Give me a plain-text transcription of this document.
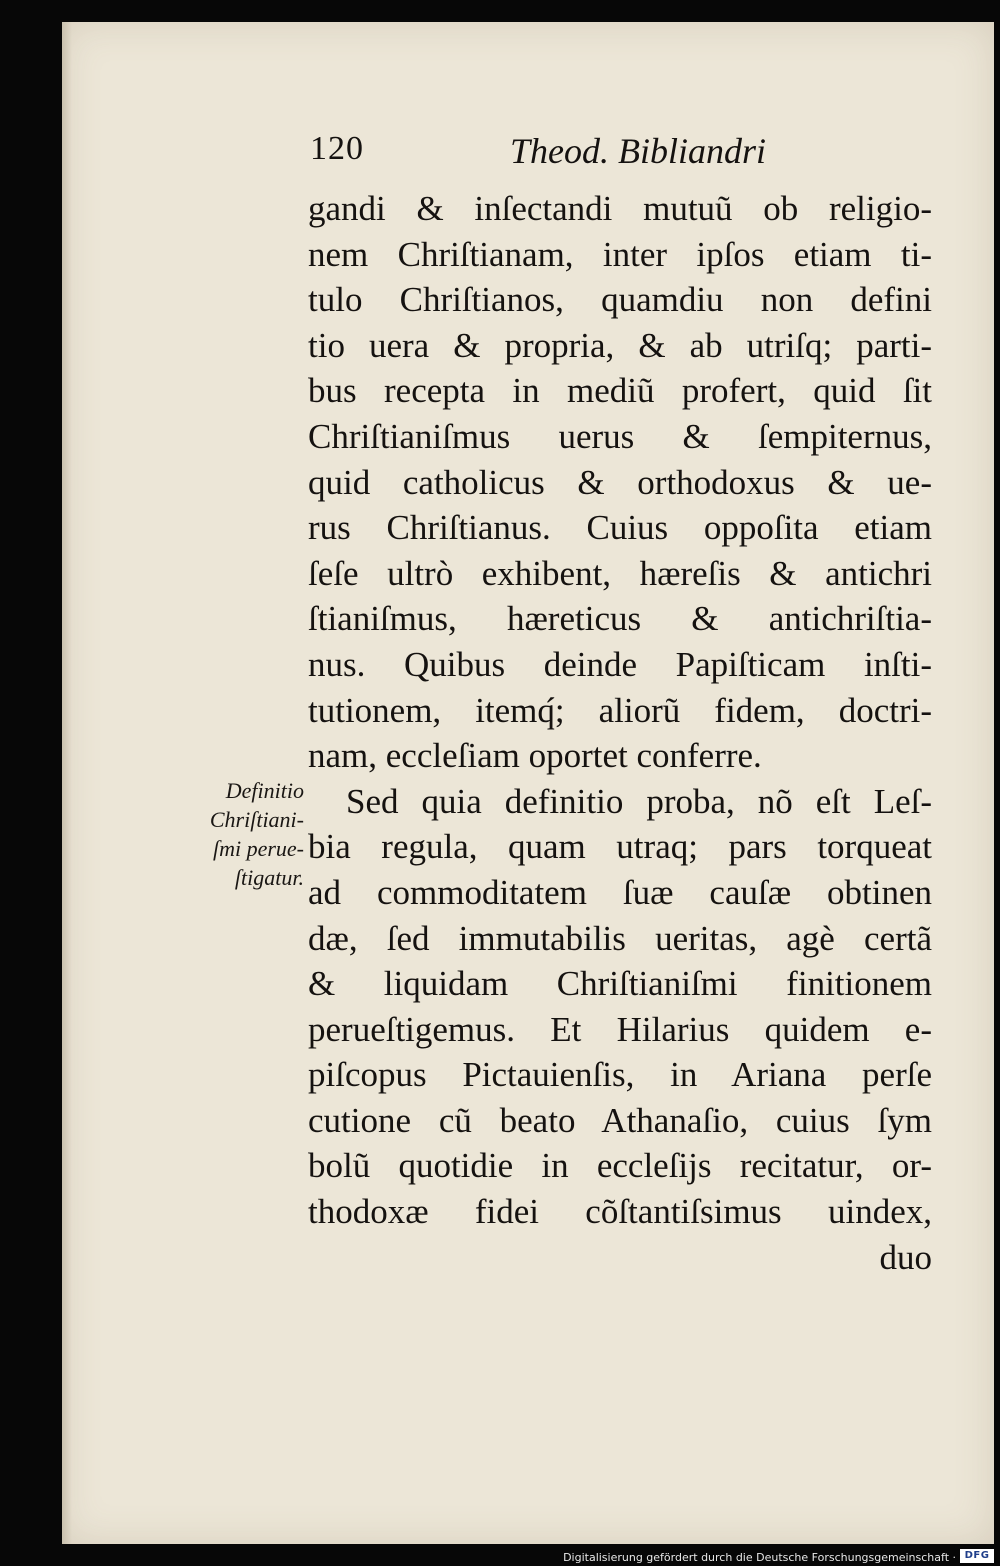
120	Theod. Bibliandri
gandi & inſectandi mutuũ ob religio-
nem Chriſtianam, inter ipſos etiam ti-
tulo Chriſtianos, quamdiu non defini
tio uera & propria, & ab utriſq; parti-
bus recepta in mediũ profert, quid ſit
Chriſtianiſmus uerus & ſempiternus,
quid catholicus & orthodoxus & ue-
rus Chriſtianus. Cuius oppoſita etiam
ſeſe ultrò exhibent, hæreſis & antichri
ſtianiſmus, hæreticus & antichriſtia-
nus. Quibus deinde Papiſticam inſti-
tutionem, itemq́; aliorũ fidem, doctri-
nam, eccleſiam oportet conferre.
Sed quia definitio proba, nõ eſt Leſ-
bia regula, quam utraq; pars torqueat
ad commoditatem ſuæ cauſæ obtinen
dæ, ſed immutabilis ueritas, agè certã
& liquidam Chriſtianiſmi finitionem
perueſtigemus. Et Hilarius quidem e-
piſcopus Pictauienſis, in Ariana perſe
cutione cũ beato Athanaſio, cuius ſym
bolũ quotidie in eccleſijs recitatur, or-
thodoxæ fidei cõſtantiſsimus uindex,
duo
Definitio
Chriſtiani-
ſmi perue-
ſtigatur.
Digitalisierung gefördert durch die Deutsche Forschungsgemeinschaft · DFG
